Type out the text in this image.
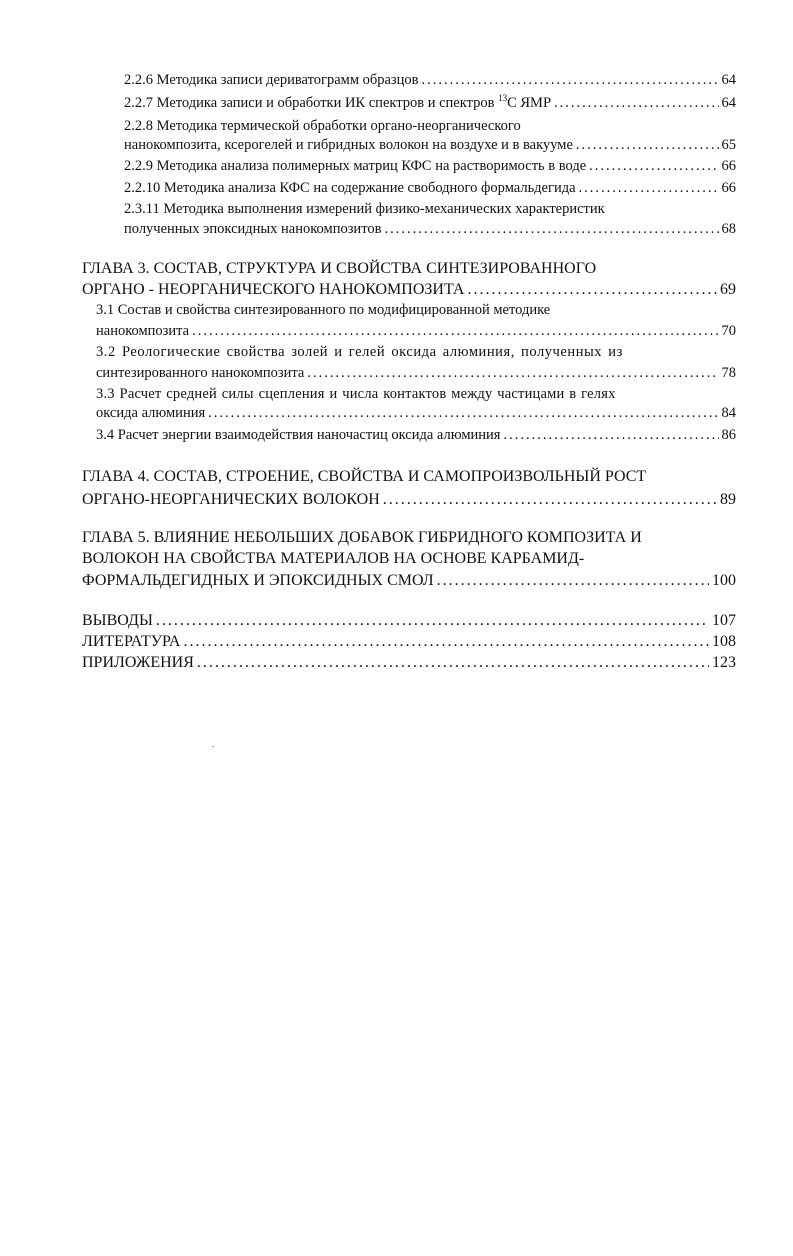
2.2.6 Методика записи дериватограмм образцов .....	64
2.2.7 Методика записи и обработки ИК спектров и спектров $^{13}$С ЯМР .....	64
2.2.8 Методика термической обработки органо-неорганического
нанокомпозита, ксерогелей и гибридных волокон на воздухе и в вакууме .....	65
2.2.9 Методика анализа полимерных матриц КФС на растворимость в воде .....	66
2.2.10 Методика анализа КФС на содержание свободного формальдегида .....	66
2.3.11 Методика выполнения измерений физико-механических характеристик
полученных эпоксидных нанокомпозитов .....	68
ГЛАВА 3. СОСТАВ, СТРУКТУРА И СВОЙСТВА СИНТЕЗИРОВАННОГО
ОРГАНО - НЕОРГАНИЧЕСКОГО НАНОКОМПОЗИТА .....	69
3.1 Состав и свойства синтезированного по модифицированной методике
нанокомпозита .....	70
3.2 Реологические свойства золей и гелей оксида алюминия, полученных из
синтезированного нанокомпозита .....	78
3.3 Расчет средней силы сцепления и числа контактов между частицами в гелях
оксида алюминия .....	84
3.4 Расчет энергии взаимодействия наночастиц оксида алюминия .....	86
ГЛАВА 4. СОСТАВ, СТРОЕНИЕ, СВОЙСТВА И САМОПРОИЗВОЛЬНЫЙ РОСТ
ОРГАНО-НЕОРГАНИЧЕСКИХ ВОЛОКОН .....	89
ГЛАВА 5. ВЛИЯНИЕ НЕБОЛЬШИХ ДОБАВОК ГИБРИДНОГО КОМПОЗИТА И
ВОЛОКОН НА СВОЙСТВА МАТЕРИАЛОВ НА ОСНОВЕ КАРБАМИД-
ФОРМАЛЬДЕГИДНЫХ И ЭПОКСИДНЫХ СМОЛ .....	100
ВЫВОДЫ .....	107
ЛИТЕРАТУРА .....	108
ПРИЛОЖЕНИЯ .....	123
